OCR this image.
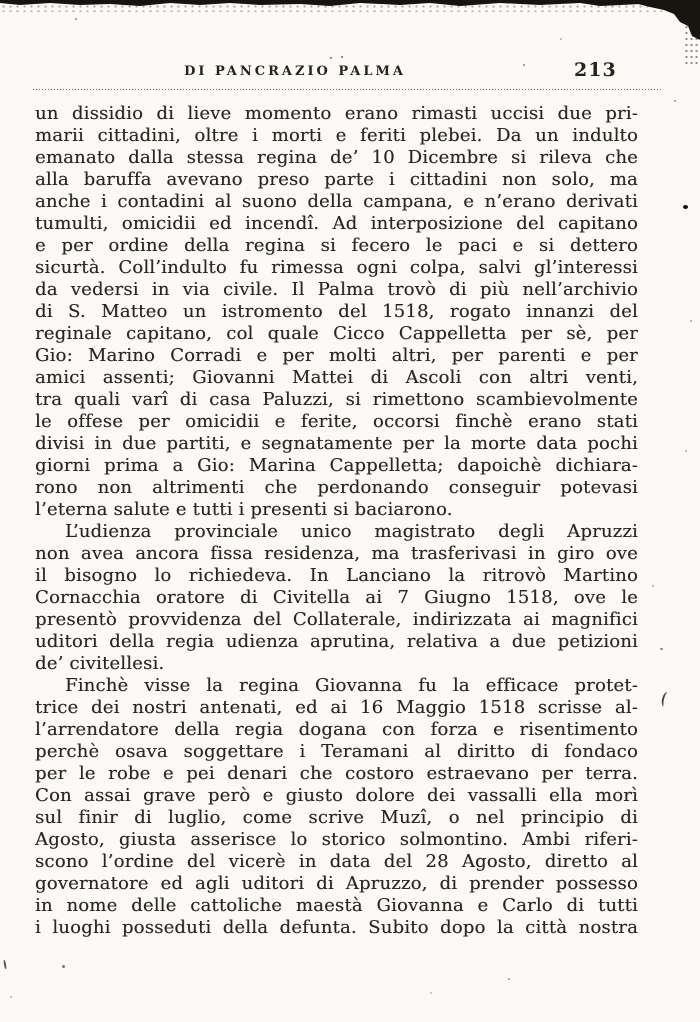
DI PANCRAZIO PALMA	213
un dissidio di lieve momento erano rimasti uccisi due pri-
marii cittadini, oltre i morti e feriti plebei. Da un indulto
emanato dalla stessa regina de’ 10 Dicembre si rileva che
alla baruffa avevano preso parte i cittadini non solo, ma
anche i contadini al suono della campana, e n’erano derivati
tumulti, omicidii ed incendî. Ad interposizione del capitano
e per ordine della regina si fecero le paci e si dettero
sicurtà. Coll’indulto fu rimessa ogni colpa, salvi gl’interessi
da vedersi in via civile. Il Palma trovò di più nell’archivio
di S. Matteo un istromento del 1518, rogato innanzi del
reginale capitano, col quale Cicco Cappelletta per sè, per
Gio: Marino Corradi e per molti altri, per parenti e per
amici assenti; Giovanni Mattei di Ascoli con altri venti,
tra quali varî di casa Paluzzi, si rimettono scambievolmente
le offese per omicidii e ferite, occorsi finchè erano stati
divisi in due partiti, e segnatamente per la morte data pochi
giorni prima a Gio: Marina Cappelletta; dapoichè dichiara-
rono non altrimenti che perdonando conseguir potevasi
l’eterna salute e tutti i presenti si baciarono.
L’udienza provinciale unico magistrato degli Apruzzi
non avea ancora fissa residenza, ma trasferivasi in giro ove
il bisogno lo richiedeva. In Lanciano la ritrovò Martino
Cornacchia oratore di Civitella ai 7 Giugno 1518, ove le
presentò provvidenza del Collaterale, indirizzata ai magnifici
uditori della regia udienza aprutina, relativa a due petizioni
de’ civitellesi.
Finchè visse la regina Giovanna fu la efficace protet-
trice dei nostri antenati, ed ai 16 Maggio 1518 scrisse al-
l’arrendatore della regia dogana con forza e risentimento
perchè osava soggettare i Teramani al diritto di fondaco
per le robe e pei denari che costoro estraevano per terra.
Con assai grave però e giusto dolore dei vassalli ella morì
sul finir di luglio, come scrive Muzî, o nel principio di
Agosto, giusta asserisce lo storico solmontino. Ambi riferi-
scono l’ordine del vicerè in data del 28 Agosto, diretto al
governatore ed agli uditori di Apruzzo, di prender possesso
in nome delle cattoliche maestà Giovanna e Carlo di tutti
i luoghi posseduti della defunta. Subito dopo la città nostra
